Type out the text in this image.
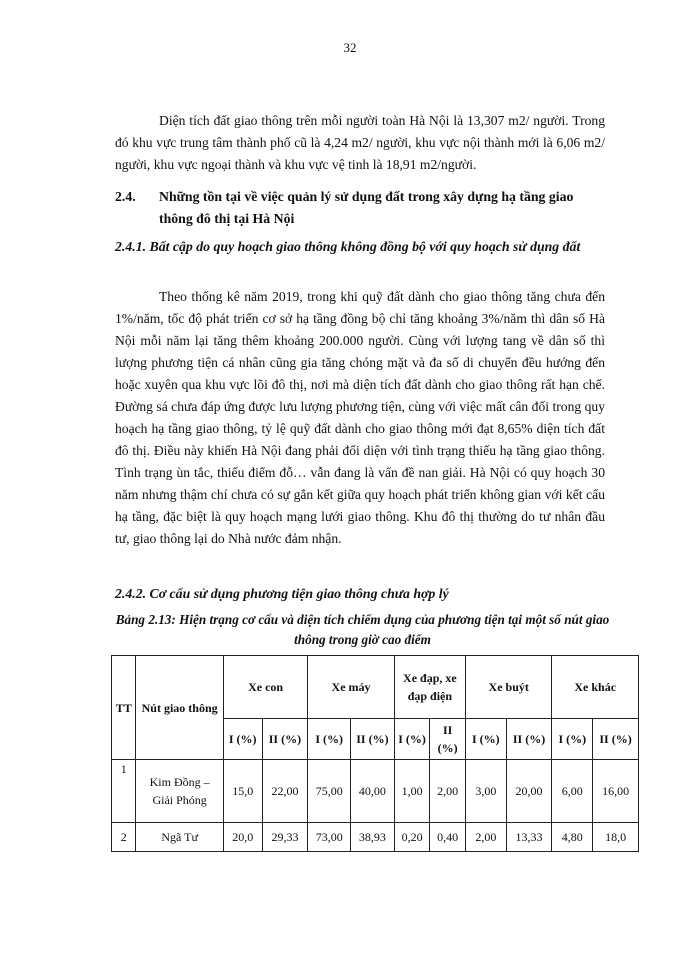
32

Diện tích đất giao thông trên mỗi người toàn Hà Nội là 13,307 m2/ người. Trong đó khu vực trung tâm thành phố cũ là 4,24 m2/ người, khu vực nội thành mới là 6,06 m2/ người, khu vực ngoại thành và khu vực vệ tinh là 18,91 m2/người.

2.4. Những tồn tại về việc quản lý sử dụng đất trong xây dựng hạ tầng giao
thông đô thị tại Hà Nội

2.4.1. Bất cập do quy hoạch giao thông không đồng bộ với quy hoạch sử dụng đất

Theo thống kê năm 2019, trong khi quỹ đất dành cho giao thông tăng chưa đến 1%/năm, tốc độ phát triển cơ sở hạ tầng đồng bộ chỉ tăng khoảng 3%/năm thì dân số Hà Nội mỗi năm lại tăng thêm khoảng 200.000 người. Cùng với lượng tang về dân số thì lượng phương tiện cá nhân cũng gia tăng chóng mặt và đa số di chuyển đều hướng đến hoặc xuyên qua khu vực lõi đô thị, nơi mà diện tích đất dành cho giao thông rất hạn chế. Đường sá chưa đáp ứng được lưu lượng phương tiện, cùng với việc mất cân đối trong quy hoạch hạ tầng giao thông, tỷ lệ quỹ đất dành cho giao thông mới đạt 8,65% diện tích đất đô thị. Điều này khiến Hà Nội đang phải đối diện với tình trạng thiếu hạ tầng giao thông. Tình trạng ùn tắc, thiếu điểm đỗ… vẫn đang là vấn đề nan giải. Hà Nội có quy hoạch 30 năm nhưng thậm chí chưa có sự gắn kết giữa quy hoạch phát triển không gian với kết cấu hạ tầng, đặc biệt là quy hoạch mạng lưới giao thông. Khu đô thị thường do tư nhân đầu tư, giao thông lại do Nhà nước đảm nhận.

2.4.2. Cơ cấu sử dụng phương tiện giao thông chưa hợp lý

Bảng 2.13: Hiện trạng cơ cấu và diện tích chiếm dụng của phương tiện tại một số nút giao thông trong giờ cao điểm

TT	Nút giao thông	Xe con		Xe máy		Xe đạp, xe đạp điện		Xe buýt		Xe khác	
		I (%)	II (%)	I (%)	II (%)	I (%)	II (%)	I (%)	II (%)	I (%)	II (%)
1	Kim Đồng – Giải Phóng	15,0	22,00	75,00	40,00	1,00	2,00	3,00	20,00	6,00	16,00
2	Ngã Tư	20,0	29,33	73,00	38,93	0,20	0,40	2,00	13,33	4,80	18,0
